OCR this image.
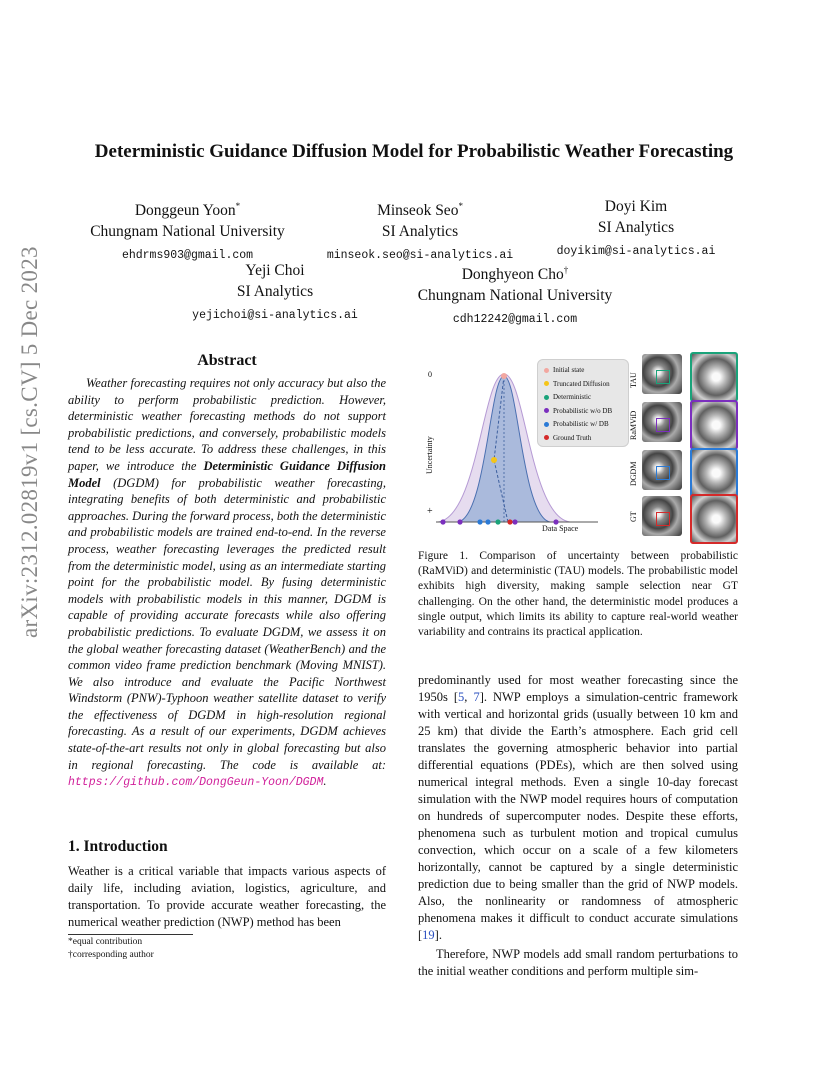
arXiv:2312.02819v1 [cs.CV] 5 Dec 2023
Deterministic Guidance Diffusion Model for Probabilistic Weather Forecasting
Donggeun Yoon*
Chungnam National University
ehdrms903@gmail.com
Minseok Seo*
SI Analytics
minseok.seo@si-analytics.ai
Doyi Kim
SI Analytics
doyikim@si-analytics.ai
Yeji Choi
SI Analytics
yejichoi@si-analytics.ai
Donghyeon Cho†
Chungnam National University
cdh12242@gmail.com
Abstract
Weather forecasting requires not only accuracy but also the ability to perform probabilistic prediction. However, deterministic weather forecasting methods do not support probabilistic predictions, and conversely, probabilistic models tend to be less accurate. To address these challenges, in this paper, we introduce the Deterministic Guidance Diffusion Model (DGDM) for probabilistic weather forecasting, integrating benefits of both deterministic and probabilistic approaches. During the forward process, both the deterministic and probabilistic models are trained end-to-end. In the reverse process, weather forecasting leverages the predicted result from the deterministic model, using as an intermediate starting point for the probabilistic model. By fusing deterministic models with probabilistic models in this manner, DGDM is capable of providing accurate forecasts while also offering probabilistic predictions. To evaluate DGDM, we assess it on the global weather forecasting dataset (WeatherBench) and the common video frame prediction benchmark (Moving MNIST). We also introduce and evaluate the Pacific Northwest Windstorm (PNW)-Typhoon weather satellite dataset to verify the effectiveness of DGDM in high-resolution regional forecasting. As a result of our experiments, DGDM achieves state-of-the-art results not only in global forecasting but also in regional forecasting. The code is available at: https://github.com/DongGeun-Yoon/DGDM.
1. Introduction
Weather is a critical variable that impacts various aspects of daily life, including aviation, logistics, agriculture, and transportation. To provide accurate weather forecasting, the numerical weather prediction (NWP) method has been
*equal contribution
†corresponding author
0
+
Uncertainty
Data Space
Initial state
Truncated Diffusion
Deterministic
Probabilistic w/o DB
Probabilistic w/ DB
Ground Truth
TAU
RaMViD
DGDM
GT
Figure 1. Comparison of uncertainty between probabilistic (RaMViD) and deterministic (TAU) models. The probabilistic model exhibits high diversity, making sample selection near GT challenging. On the other hand, the deterministic model produces a single output, which limits its ability to capture real-world weather variability and contrains its practical application.

predominantly used for most weather forecasting since the 1950s [5, 7]. NWP employs a simulation-centric framework with vertical and horizontal grids (usually between 10 km and 25 km) that divide the Earth’s atmosphere. Each grid cell translates the governing atmospheric behavior into partial differential equations (PDEs), which are then solved using numerical integral methods. Even a single 10-day forecast simulation with the NWP model requires hours of computation on hundreds of supercomputer nodes. Despite these efforts, phenomena such as turbulent motion and tropical cumulus convection, which occur on a scale of a few kilometers horizontally, cannot be captured by a single deterministic prediction due to being smaller than the grid of NWP models. Also, the nonlinearity or randomness of atmospheric phenomena makes it difficult to conduct accurate simulations [19].

Therefore, NWP models add small random perturbations to the initial weather conditions and perform multiple sim-
